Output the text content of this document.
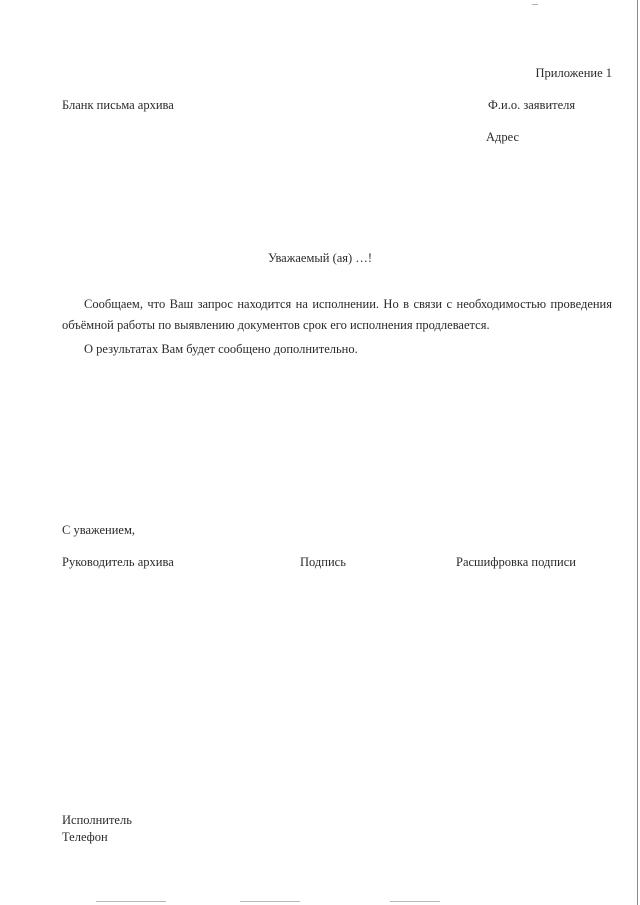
Приложение 1
Бланк письма архива	Ф.и.о. заявителя
Адрес
Уважаемый (ая) …!

Сообщаем, что Ваш запрос находится на исполнении. Но в связи с необходимостью проведения объёмной работы по выявлению документов срок его исполнения продлевается.

О результатах Вам будет сообщено дополнительно.

С уважением,
Руководитель архива	Подпись	Расшифровка подписи
Исполнитель
Телефон
